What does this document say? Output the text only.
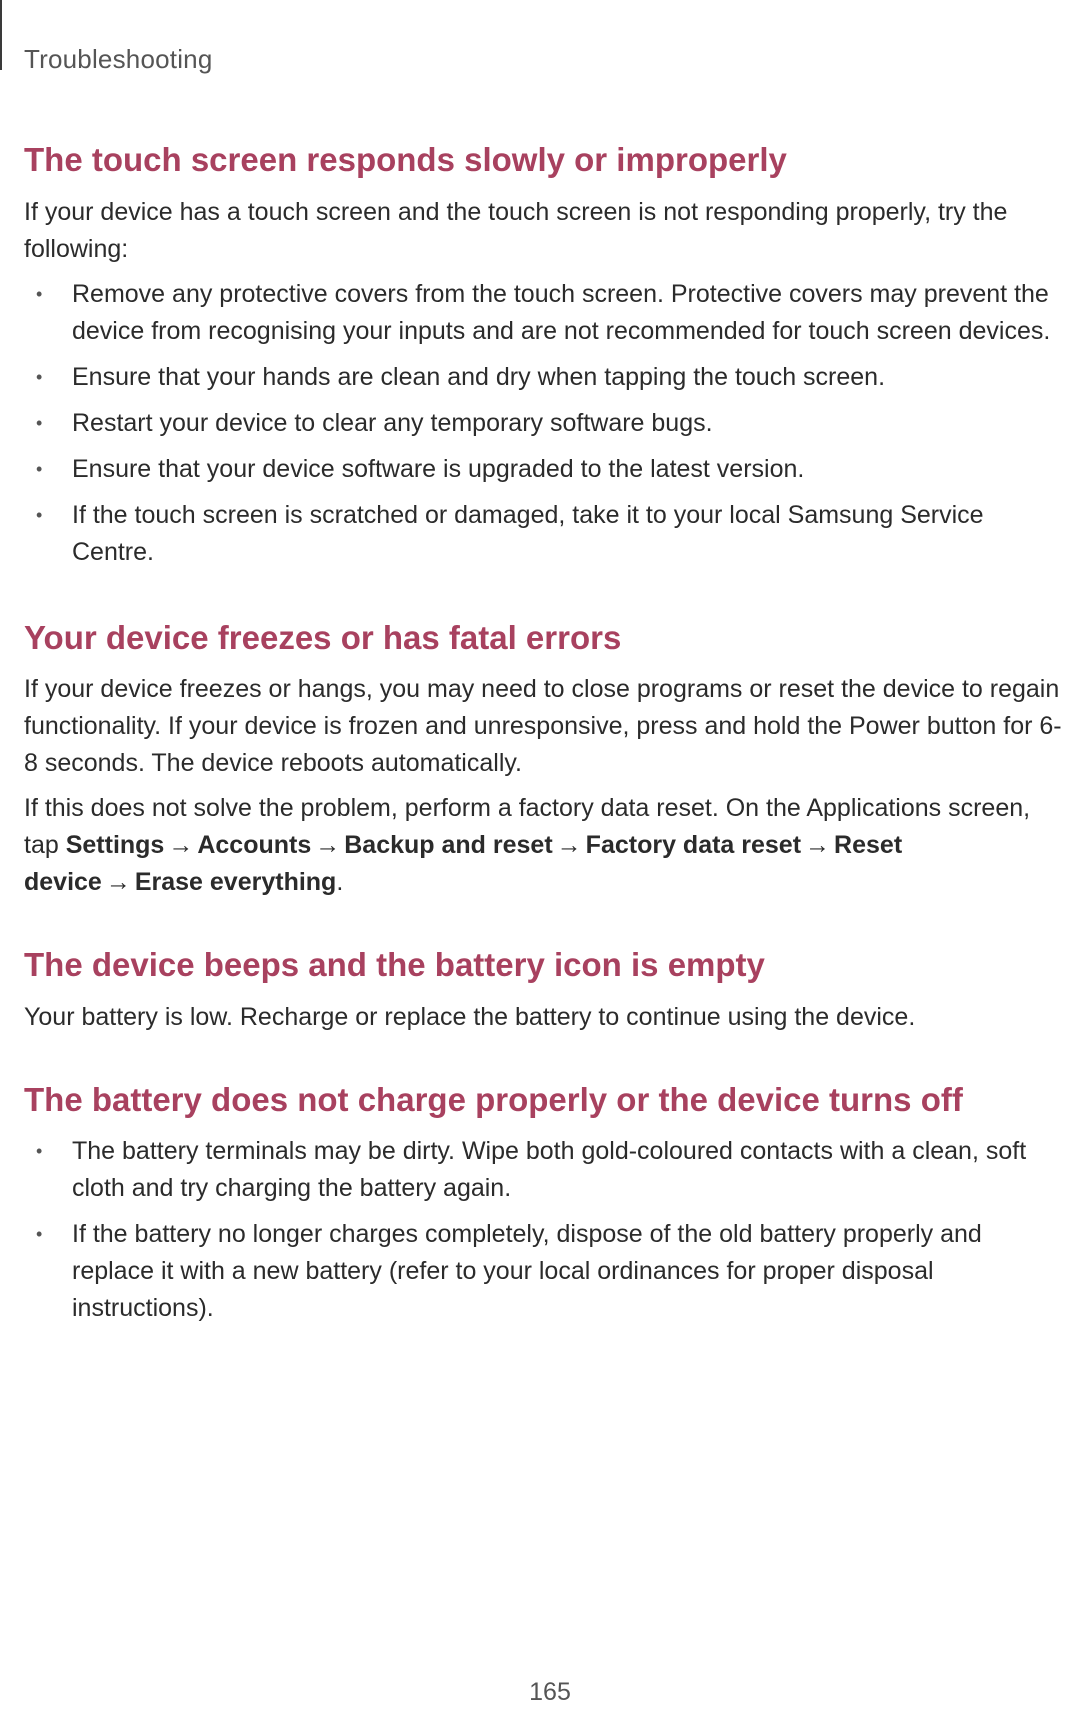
Troubleshooting
The touch screen responds slowly or improperly

If your device has a touch screen and the touch screen is not responding properly, try the following:

• Remove any protective covers from the touch screen. Protective covers may prevent the device from recognising your inputs and are not recommended for touch screen devices.
• Ensure that your hands are clean and dry when tapping the touch screen.
• Restart your device to clear any temporary software bugs.
• Ensure that your device software is upgraded to the latest version.
• If the touch screen is scratched or damaged, take it to your local Samsung Service Centre.
Your device freezes or has fatal errors

If your device freezes or hangs, you may need to close programs or reset the device to regain functionality. If your device is frozen and unresponsive, press and hold the Power button for 6-8 seconds. The device reboots automatically.

If this does not solve the problem, perform a factory data reset. On the Applications screen, tap Settings → Accounts → Backup and reset → Factory data reset → Reset device → Erase everything.

The device beeps and the battery icon is empty

Your battery is low. Recharge or replace the battery to continue using the device.

The battery does not charge properly or the device turns off
• The battery terminals may be dirty. Wipe both gold-coloured contacts with a clean, soft cloth and try charging the battery again.
• If the battery no longer charges completely, dispose of the old battery properly and replace it with a new battery (refer to your local ordinances for proper disposal instructions).
165
